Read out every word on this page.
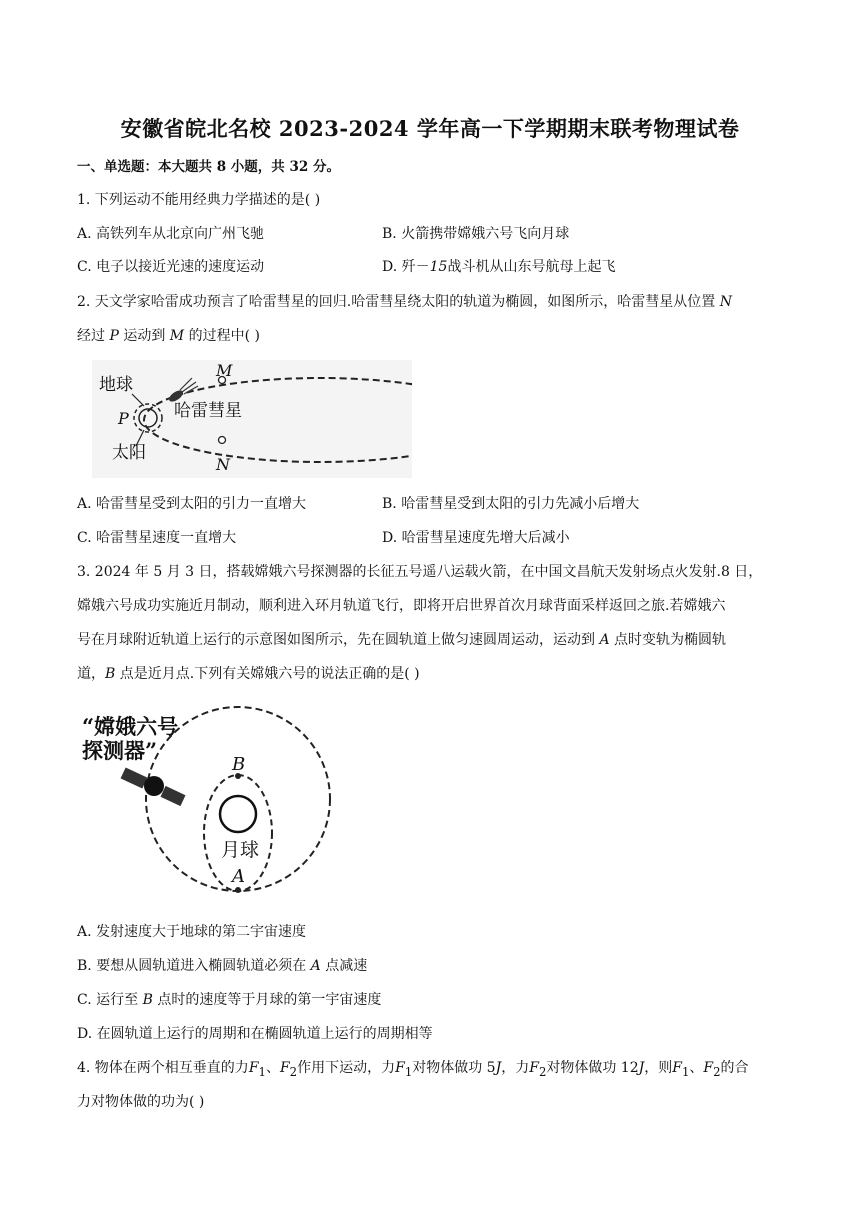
安徽省皖北名校 2023-2024 学年高一下学期期末联考物理试卷
一、单选题：本大题共 8 小题，共 32 分。
1. 下列运动不能用经典力学描述的是( )
A. 高铁列车从北京向广州飞驰	B. 火箭携带嫦娥六号飞向月球
C. 电子以接近光速的速度运动	D. 歼－15战斗机从山东号航母上起飞
2. 天文学家哈雷成功预言了哈雷彗星的回归.哈雷彗星绕太阳的轨道为椭圆，如图所示，哈雷彗星从位置 N
经过 P 运动到 M 的过程中( )
地球
P	哈雷彗星
太阳
M
N
A. 哈雷彗星受到太阳的引力一直增大	B. 哈雷彗星受到太阳的引力先减小后增大
C. 哈雷彗星速度一直增大	D. 哈雷彗星速度先增大后减小
3. 2024 年 5 月 3 日，搭载嫦娥六号探测器的长征五号遥八运载火箭，在中国文昌航天发射场点火发射.8 日，
嫦娥六号成功实施近月制动，顺利进入环月轨道飞行，即将开启世界首次月球背面采样返回之旅.若嫦娥六
号在月球附近轨道上运行的示意图如图所示，先在圆轨道上做匀速圆周运动，运动到 A 点时变轨为椭圆轨
道，B 点是近月点.下列有关嫦娥六号的说法正确的是( )
“嫦娥六号
探测器”
B
月球
A
A. 发射速度大于地球的第二宇宙速度
B. 要想从圆轨道进入椭圆轨道必须在 A 点减速
C. 运行至 B 点时的速度等于月球的第一宇宙速度
D. 在圆轨道上运行的周期和在椭圆轨道上运行的周期相等
4. 物体在两个相互垂直的力$F_1$、$F_2$作用下运动，力$F_1$对物体做功 5J，力$F_2$对物体做功 12J，则$F_1$、$F_2$的合
力对物体做的功为( )
